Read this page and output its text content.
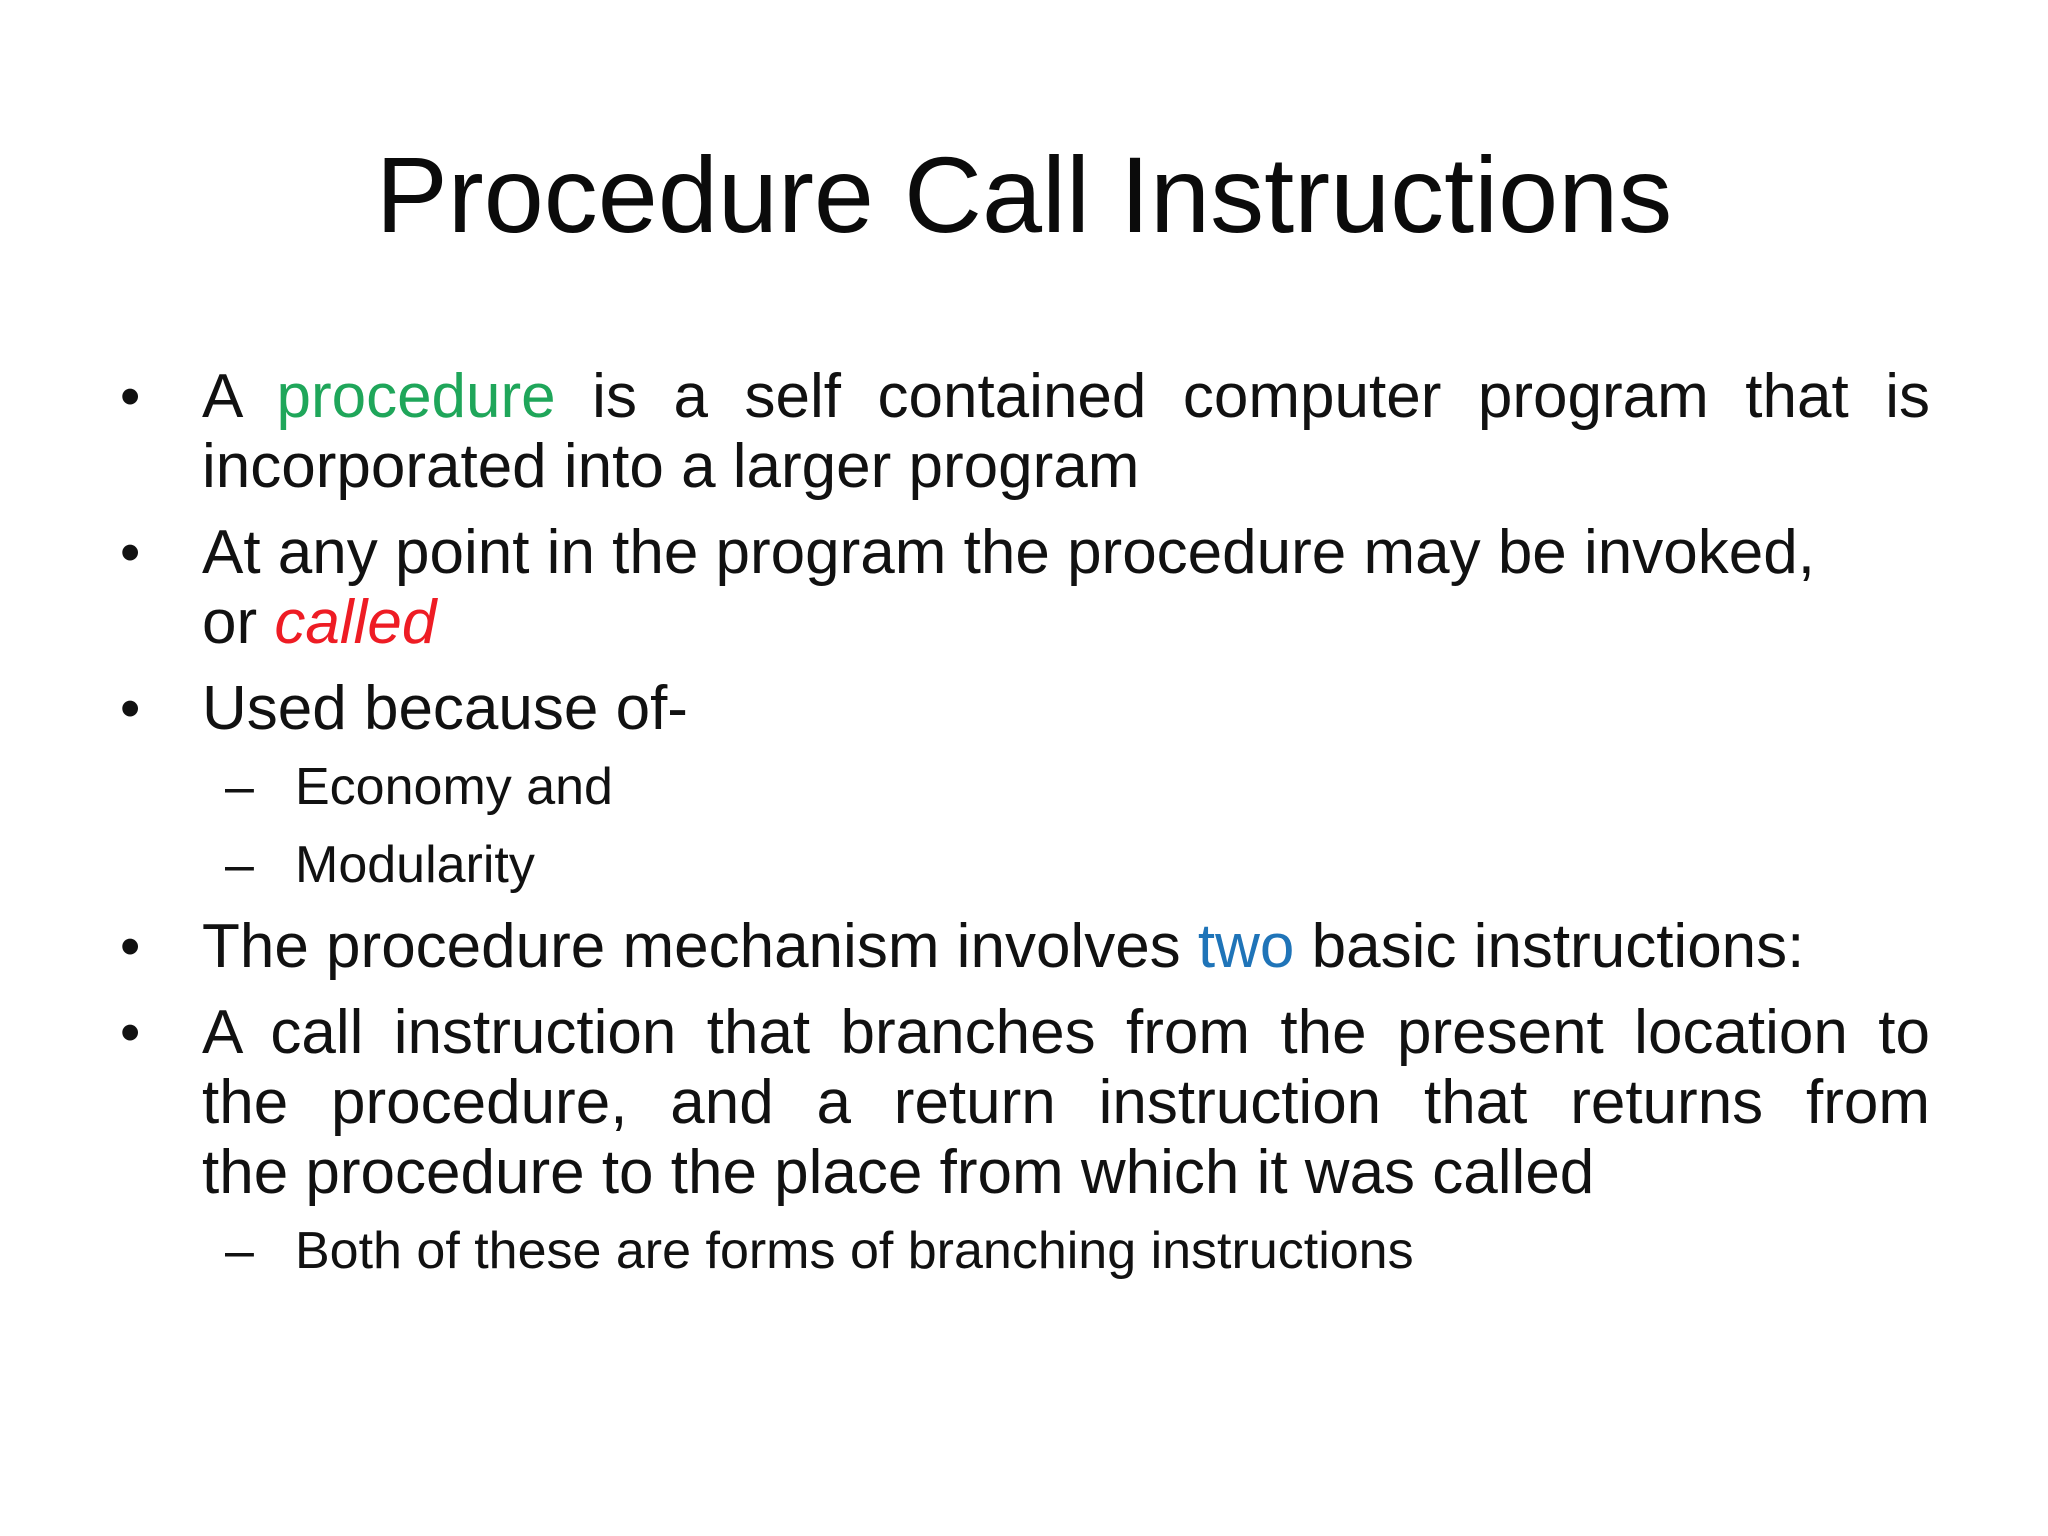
Procedure Call Instructions

• A procedure is a self contained computer program that is
incorporated into a larger program

• At any point in the program the procedure may be invoked,
or called

• Used because of-

– Economy and

– Modularity

• The procedure mechanism involves two basic instructions:

• A call instruction that branches from the present location to
the procedure, and a return instruction that returns from
the procedure to the place from which it was called

– Both of these are forms of branching instructions
